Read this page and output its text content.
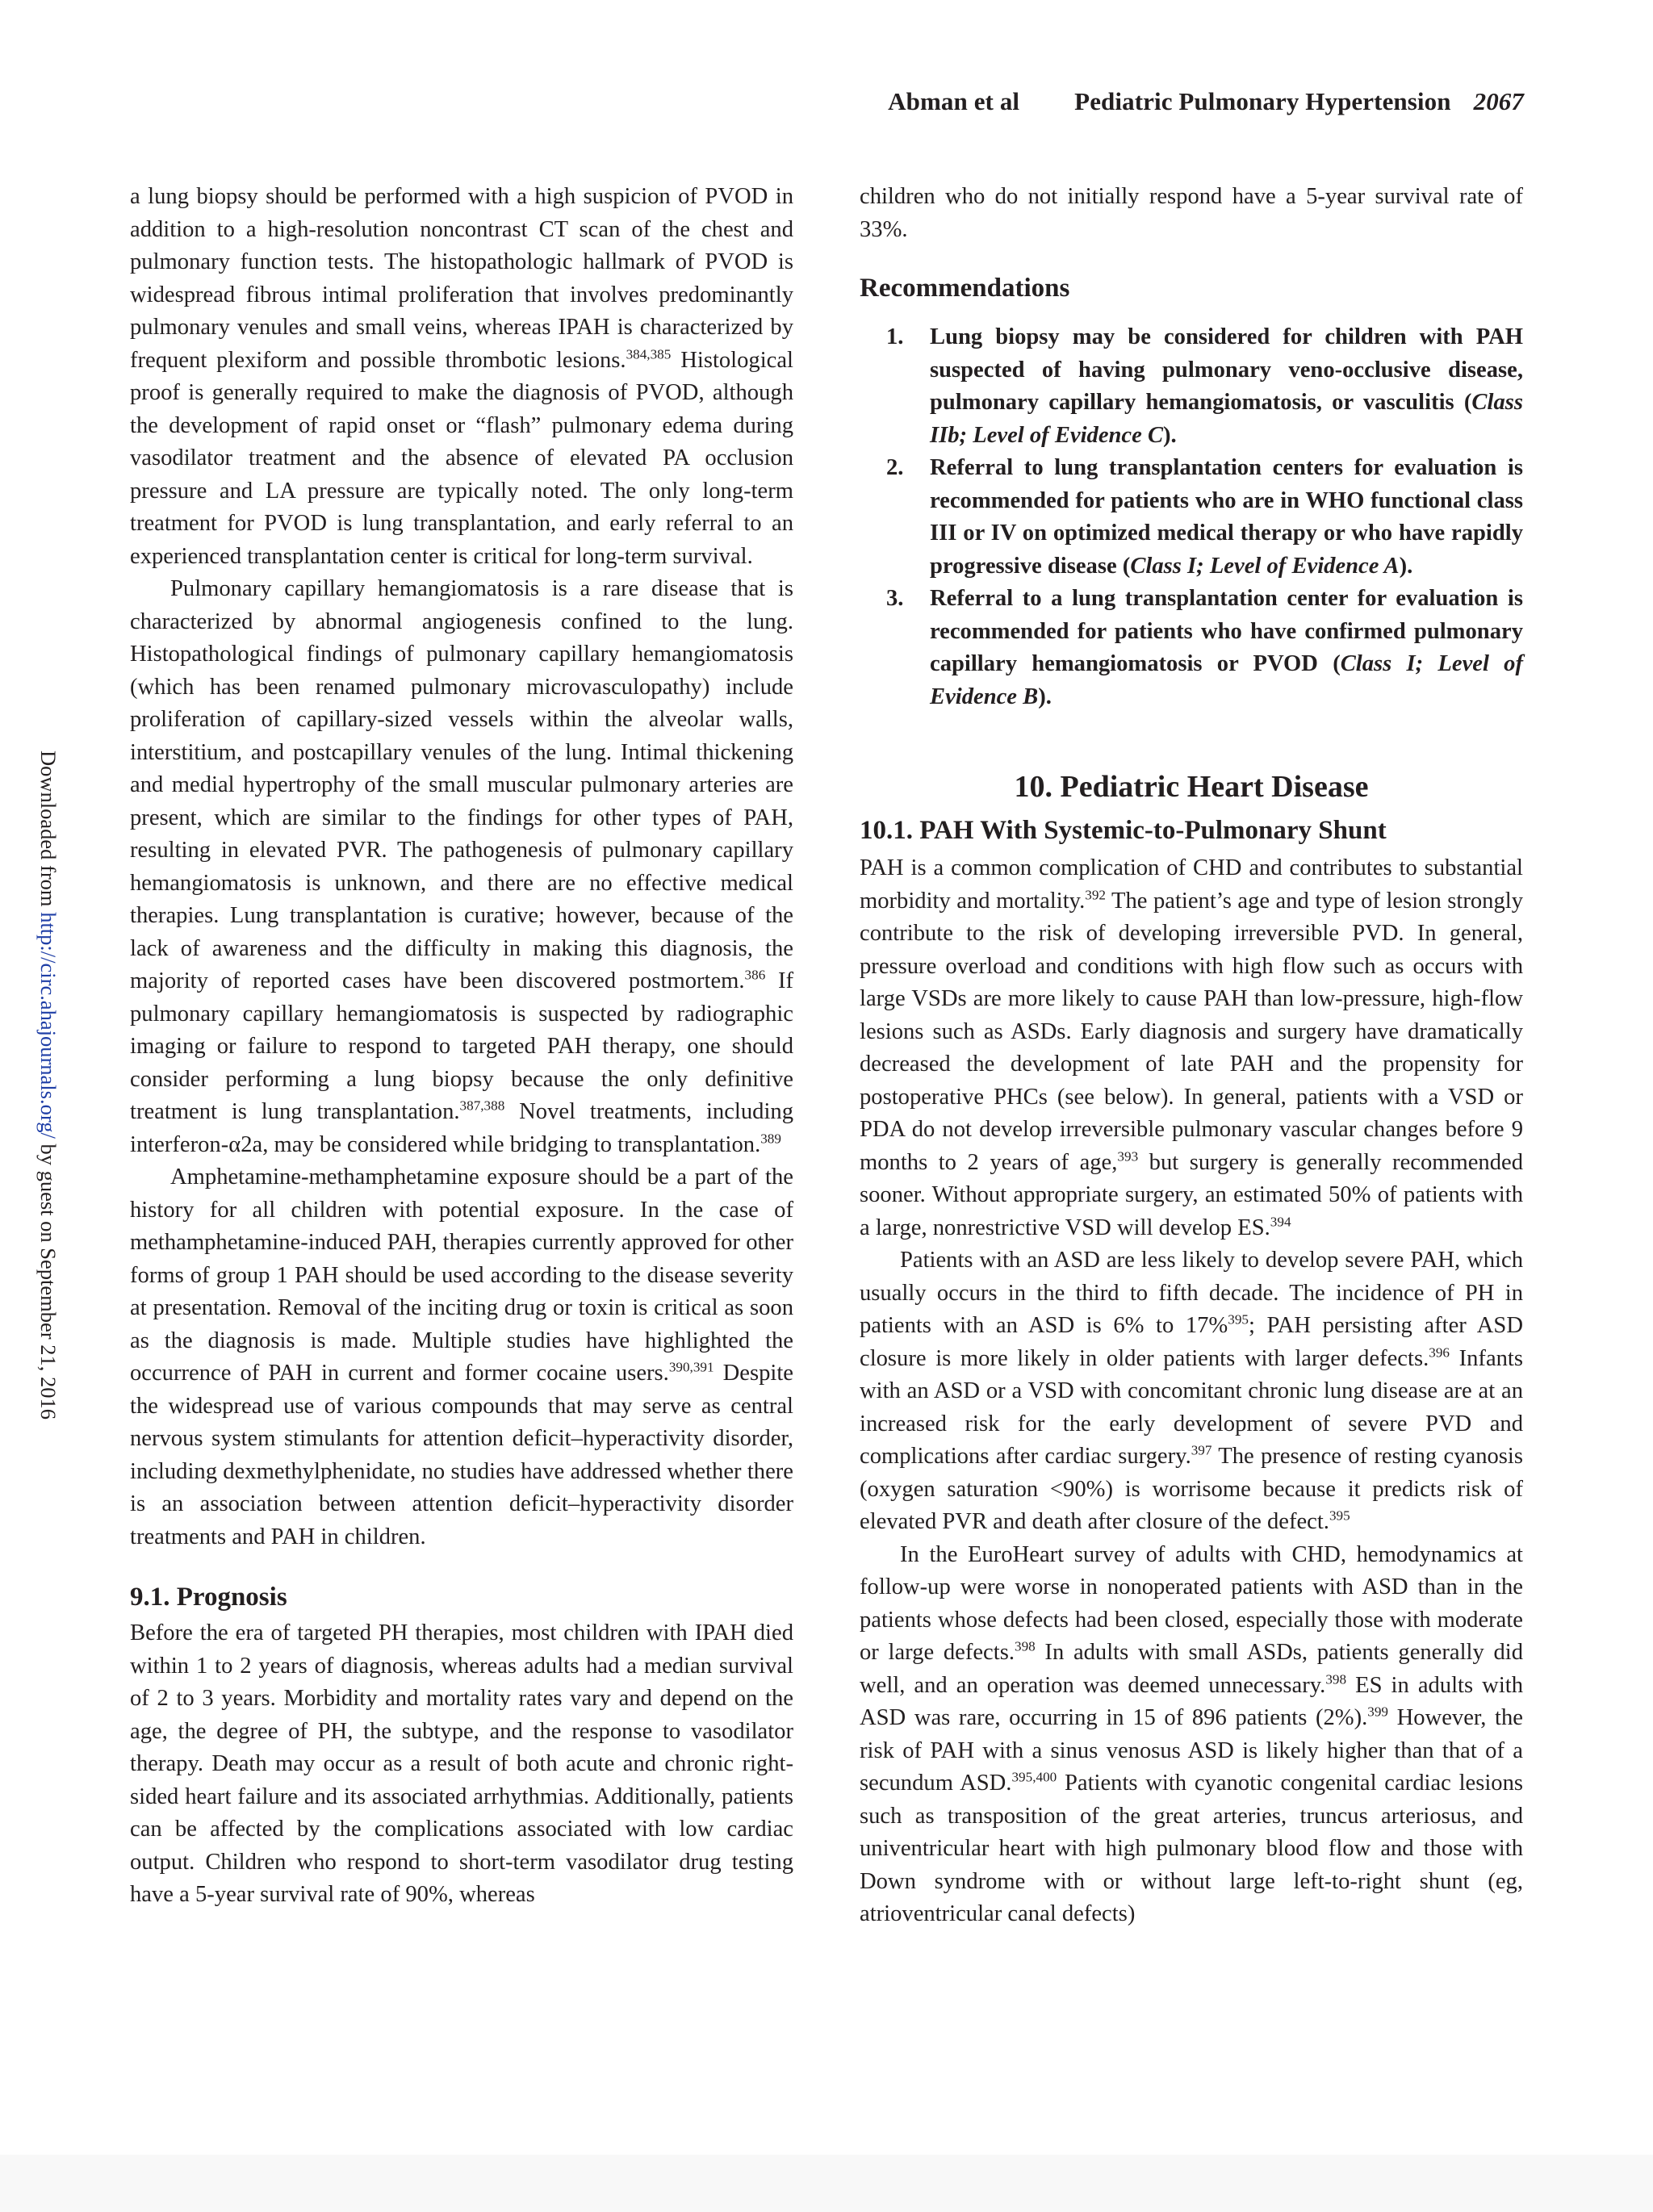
Abman et al Pediatric Pulmonary Hypertension 2067
Downloaded from http://circ.ahajournals.org/ by guest on September 21, 2016

a lung biopsy should be performed with a high suspicion of PVOD in addition to a high-resolution noncontrast CT scan of the chest and pulmonary function tests. The histopathologic hallmark of PVOD is widespread fibrous intimal proliferation that involves predominantly pulmonary venules and small veins, whereas IPAH is characterized by frequent plexiform and possible thrombotic lesions.$^{384,385}$ Histological proof is generally required to make the diagnosis of PVOD, although the development of rapid onset or “flash” pulmonary edema during vasodilator treatment and the absence of elevated PA occlusion pressure and LA pressure are typically noted. The only long-term treatment for PVOD is lung transplantation, and early referral to an experienced transplantation center is critical for long-term survival.

Pulmonary capillary hemangiomatosis is a rare disease that is characterized by abnormal angiogenesis confined to the lung. Histopathological findings of pulmonary capillary hemangiomatosis (which has been renamed pulmonary microvasculopathy) include proliferation of capillary-sized vessels within the alveolar walls, interstitium, and postcapillary venules of the lung. Intimal thickening and medial hypertrophy of the small muscular pulmonary arteries are present, which are similar to the findings for other types of PAH, resulting in elevated PVR. The pathogenesis of pulmonary capillary hemangiomatosis is unknown, and there are no effective medical therapies. Lung transplantation is curative; however, because of the lack of awareness and the difficulty in making this diagnosis, the majority of reported cases have been discovered postmortem.$^{386}$ If pulmonary capillary hemangiomatosis is suspected by radiographic imaging or failure to respond to targeted PAH therapy, one should consider performing a lung biopsy because the only definitive treatment is lung transplantation.$^{387,388}$ Novel treatments, including interferon-α2a, may be considered while bridging to transplantation.$^{389}$

Amphetamine-methamphetamine exposure should be a part of the history for all children with potential exposure. In the case of methamphetamine-induced PAH, therapies currently approved for other forms of group 1 PAH should be used according to the disease severity at presentation. Removal of the inciting drug or toxin is critical as soon as the diagnosis is made. Multiple studies have highlighted the occurrence of PAH in current and former cocaine users.$^{390,391}$ Despite the widespread use of various compounds that may serve as central nervous system stimulants for attention deficit–hyperactivity disorder, including dexmethylphenidate, no studies have addressed whether there is an association between attention deficit–hyperactivity disorder treatments and PAH in children.

9.1. Prognosis

Before the era of targeted PH therapies, most children with IPAH died within 1 to 2 years of diagnosis, whereas adults had a median survival of 2 to 3 years. Morbidity and mortality rates vary and depend on the age, the degree of PH, the subtype, and the response to vasodilator therapy. Death may occur as a result of both acute and chronic right-sided heart failure and its associated arrhythmias. Additionally, patients can be affected by the complications associated with low cardiac output. Children who respond to short-term vasodilator drug testing have a 5-year survival rate of 90%, whereas

children who do not initially respond have a 5-year survival rate of 33%.

Recommendations
1. Lung biopsy may be considered for children with PAH suspected of having pulmonary veno-occlusive disease, pulmonary capillary hemangiomatosis, or vasculitis (Class IIb; Level of Evidence C).
2. Referral to lung transplantation centers for evaluation is recommended for patients who are in WHO functional class III or IV on optimized medical therapy or who have rapidly progressive disease (Class I; Level of Evidence A).
3. Referral to a lung transplantation center for evaluation is recommended for patients who have confirmed pulmonary capillary hemangiomatosis or PVOD (Class I; Level of Evidence B).
10. Pediatric Heart Disease
10.1. PAH With Systemic-to-Pulmonary Shunt

PAH is a common complication of CHD and contributes to substantial morbidity and mortality.$^{392}$ The patient’s age and type of lesion strongly contribute to the risk of developing irreversible PVD. In general, pressure overload and conditions with high flow such as occurs with large VSDs are more likely to cause PAH than low-pressure, high-flow lesions such as ASDs. Early diagnosis and surgery have dramatically decreased the development of late PAH and the propensity for postoperative PHCs (see below). In general, patients with a VSD or PDA do not develop irreversible pulmonary vascular changes before 9 months to 2 years of age,$^{393}$ but surgery is generally recommended sooner. Without appropriate surgery, an estimated 50% of patients with a large, nonrestrictive VSD will develop ES.$^{394}$

Patients with an ASD are less likely to develop severe PAH, which usually occurs in the third to fifth decade. The incidence of PH in patients with an ASD is 6% to 17%$^{395}$; PAH persisting after ASD closure is more likely in older patients with larger defects.$^{396}$ Infants with an ASD or a VSD with concomitant chronic lung disease are at an increased risk for the early development of severe PVD and complications after cardiac surgery.$^{397}$ The presence of resting cyanosis (oxygen saturation <90%) is worrisome because it predicts risk of elevated PVR and death after closure of the defect.$^{395}$

In the EuroHeart survey of adults with CHD, hemodynamics at follow-up were worse in nonoperated patients with ASD than in the patients whose defects had been closed, especially those with moderate or large defects.$^{398}$ In adults with small ASDs, patients generally did well, and an operation was deemed unnecessary.$^{398}$ ES in adults with ASD was rare, occurring in 15 of 896 patients (2%).$^{399}$ However, the risk of PAH with a sinus venosus ASD is likely higher than that of a secundum ASD.$^{395,400}$ Patients with cyanotic congenital cardiac lesions such as transposition of the great arteries, truncus arteriosus, and univentricular heart with high pulmonary blood flow and those with Down syndrome with or without large left-to-right shunt (eg, atrioventricular canal defects)
